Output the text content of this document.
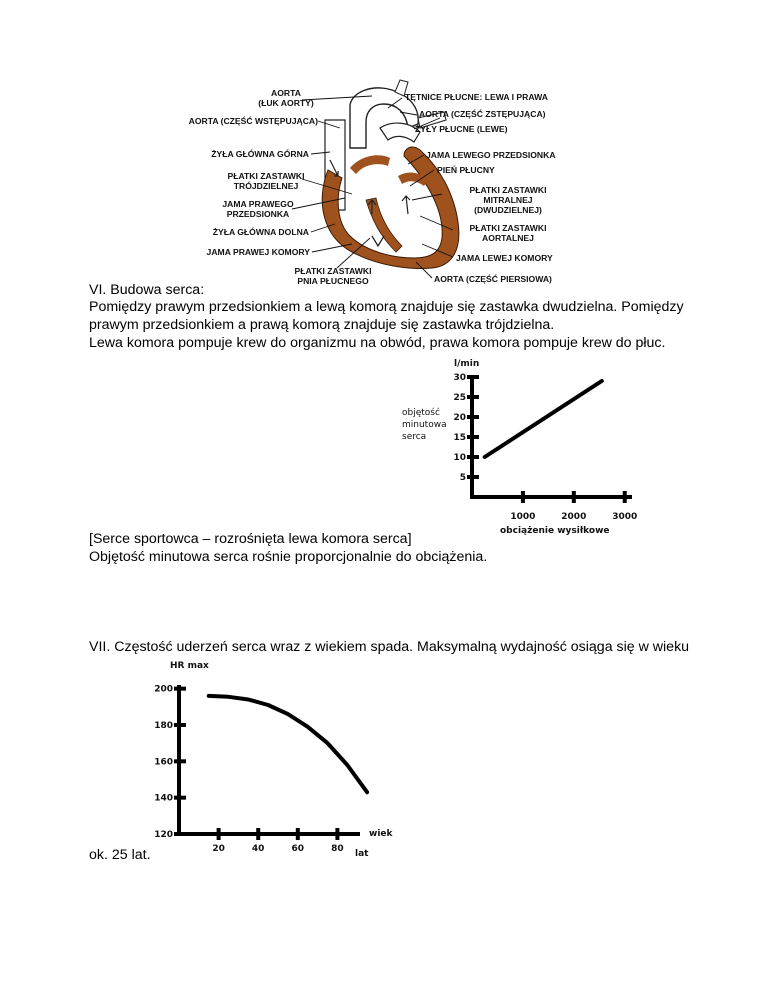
AORTA
(ŁUK AORTY)
AORTA (CZĘŚĆ WSTĘPUJĄCA)
ŻYŁA GŁÓWNA GÓRNA
PŁATKI ZASTAWKI
TRÓJDZIELNEJ
JAMA PRAWEGO
PRZEDSIONKA
ŻYŁA GŁÓWNA DOLNA
JAMA PRAWEJ KOMORY
PŁATKI ZASTAWKI
PNIA PŁUCNEGO
TĘTNICE PŁUCNE: LEWA I PRAWA
AORTA (CZĘŚĆ ZSTĘPUJĄCA)
ŻYŁY PŁUCNE (LEWE)
JAMA LEWEGO PRZEDSIONKA
PIEŃ PŁUCNY
PŁATKI ZASTAWKI
MITRALNEJ
(DWUDZIELNEJ)
PŁATKI ZASTAWKI
AORTALNEJ
JAMA LEWEJ KOMORY
AORTA (CZĘŚĆ PIERSIOWA)
VI. Budowa serca:
Pomiędzy prawym przedsionkiem a lewą komorą znajduje się zastawka dwudzielna. Pomiędzy
prawym przedsionkiem a prawą komorą znajduje się zastawka trójdzielna.
Lewa komora pompuje krew do organizmu na obwód, prawa komora pompuje krew do płuc.
l/min
objętość
minutowa
serca
obciążenie wysiłkowe
1000	2000	3000
5
10
15
20
25
30
[Serce sportowca – rozrośnięta lewa komora serca]
Objętość minutowa serca rośnie proporcjonalnie do obciążenia.
VII. Częstość uderzeń serca wraz z wiekiem spada. Maksymalną wydajność osiąga się w wieku
HR max
wiek
lat
20	40	60	80
120
140
160
180
200
ok. 25 lat.
